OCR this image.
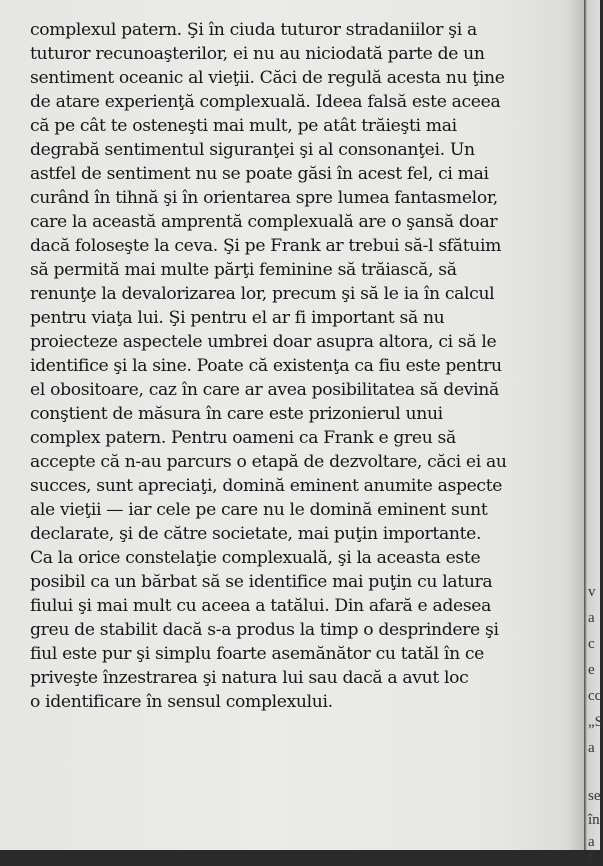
complexul patern. Şi în ciuda tuturor stradaniilor şi a
tuturor recunoaşterilor, ei nu au niciodată parte de un
sentiment oceanic al vieţii. Căci de regulă acesta nu ţine
de atare experienţă complexuală. Ideea falsă este aceea
că pe cât te osteneşti mai mult, pe atât trăieşti mai
degrabă sentimentul siguranţei şi al consonanţei. Un
astfel de sentiment nu se poate găsi în acest fel, ci mai
curând în tihnă şi în orientarea spre lumea fantasmelor,
care la această amprentă complexuală are o şansă doar
dacă foloseşte la ceva. Şi pe Frank ar trebui să-l sfătuim
să permită mai multe părţi feminine să trăiască, să
renunţe la devalorizarea lor, precum şi să le ia în calcul
pentru viaţa lui. Şi pentru el ar fi important să nu
proiecteze aspectele umbrei doar asupra altora, ci să le
identifice şi la sine. Poate că existenţa ca fiu este pentru
el obositoare, caz în care ar avea posibilitatea să devină
conştient de măsura în care este prizonierul unui
complex patern. Pentru oameni ca Frank e greu să
accepte că n-au parcurs o etapă de dezvoltare, căci ei au
succes, sunt apreciaţi, domină eminent anumite aspecte
ale vieţii — iar cele pe care nu le domină eminent sunt
declarate, şi de către societate, mai puţin importante.
Ca la orice constelaţie complexuală, şi la aceasta este
posibil ca un bărbat să se identifice mai puţin cu latura
fiului şi mai mult cu aceea a tatălui. Din afară e adesea
greu de stabilit dacă s-a produs la timp o desprindere şi
fiul este pur şi simplu foarte asemănător cu tatăl în ce
priveşte înzestrarea şi natura lui sau dacă a avut loc
o identificare în sensul complexului.
v
a
c
e
cc
„S
a
se
în
a f
